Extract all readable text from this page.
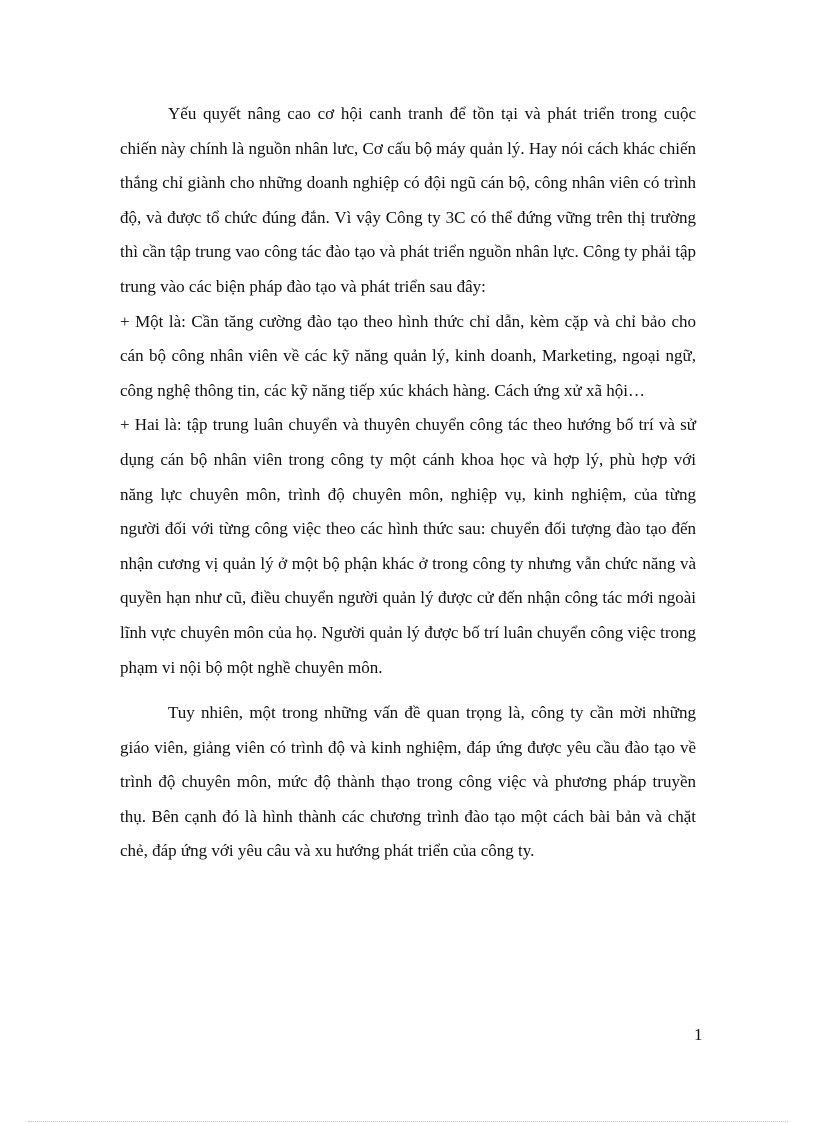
Yếu quyết nâng cao cơ hội canh tranh để tồn tại và phát triển trong cuộc chiến này chính là nguồn nhân lưc, Cơ cấu bộ máy quản lý. Hay nói cách khác chiến thắng chỉ giành cho những doanh nghiệp có đội ngũ cán bộ, công nhân viên có trình độ, và được tổ chức đúng đắn. Vì vậy Công ty 3C có thể đứng vững trên thị trường thì cần tập trung vao công tác đào tạo và phát triển nguồn nhân lực. Công ty phải tập trung vào các biện pháp đào tạo và phát triển sau đây:

+ Một là: Cần tăng cường đào tạo theo hình thức chỉ dẫn, kèm cặp và chỉ bảo cho cán bộ công nhân viên về các kỹ năng quản lý, kinh doanh, Marketing, ngoại ngữ, công nghệ thông tin, các kỹ năng tiếp xúc khách hàng. Cách ứng xử xã hội…

+ Hai là: tập trung luân chuyển và thuyên chuyển công tác theo hướng bố trí và sử dụng cán bộ nhân viên trong công ty một cánh khoa học và hợp lý, phù hợp với năng lực chuyên môn, trình độ chuyên môn, nghiệp vụ, kinh nghiệm, của từng người đối với từng công việc theo các hình thức sau: chuyển đối tượng đào tạo đến nhận cương vị quản lý ở một bộ phận khác ở trong công ty nhưng vẫn chức năng và quyền hạn như cũ, điều chuyển người quản lý được cử đến nhận công tác mới ngoài lĩnh vực chuyên môn của họ. Người quản lý được bố trí luân chuyển công việc trong phạm vi nội bộ một nghề chuyên môn.

Tuy nhiên, một trong những vấn đề quan trọng là, công ty cần mời những giáo viên, giảng viên có trình độ và kinh nghiệm, đáp ứng được yêu cầu đào tạo về trình độ chuyên môn, mức độ thành thạo trong công việc và phương pháp truyền thụ. Bên cạnh đó là hình thành các chương trình đào tạo một cách bài bản và chặt chẻ, đáp ứng với yêu câu và xu hướng phát triển của công ty.

1
